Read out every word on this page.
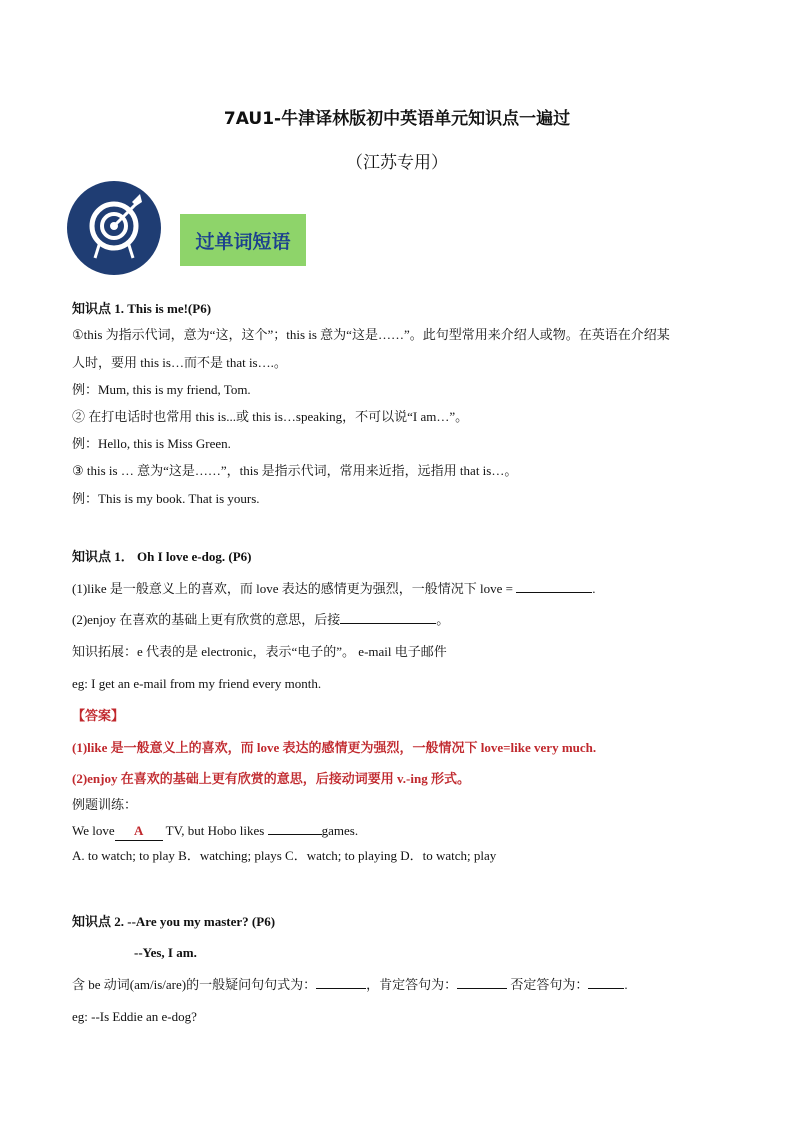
7AU1-牛津译林版初中英语单元知识点一遍过
（江苏专用）
过单词短语
知识点 1. This is me!(P6)
①this 为指示代词，意为“这，这个”；this is 意为“这是……”。此句型常用来介绍人或物。在英语在介绍某
人时，要用 this is…而不是 that is….。
例：Mum, this is my friend, Tom.
② 在打电话时也常用 this is...或 this is…speaking，不可以说“I am…”。
例：Hello, this is Miss Green.
③ this is … 意为“这是……”，this 是指示代词，常用来近指，远指用 that is…。
例：This is my book. That is yours.
知识点 1． Oh I love e-dog. (P6)
(1)like 是一般意义上的喜欢，而 love 表达的感情更为强烈，一般情况下 love =	.
(2)enjoy 在喜欢的基础上更有欣赏的意思，后接	。
知识拓展：e 代表的是 electronic，表示“电子的”。 e-mail 电子邮件
eg: I get an e-mail from my friend every month.
【答案】
(1)like 是一般意义上的喜欢，而 love 表达的感情更为强烈，一般情况下 love=like very much.
(2)enjoy 在喜欢的基础上更有欣赏的意思，后接动词要用 v.-ing 形式。
例题训练：
We love A TV, but Hobo likes	games.
A. to watch; to play B．watching; plays C．watch; to playing D．to watch; play
知识点 2. --Are you my master? (P6)
--Yes, I am.
含 be 动词(am/is/are)的一般疑问句句式为：	，肯定答句为：	否定答句为：	.
eg: --Is Eddie an e-dog?
